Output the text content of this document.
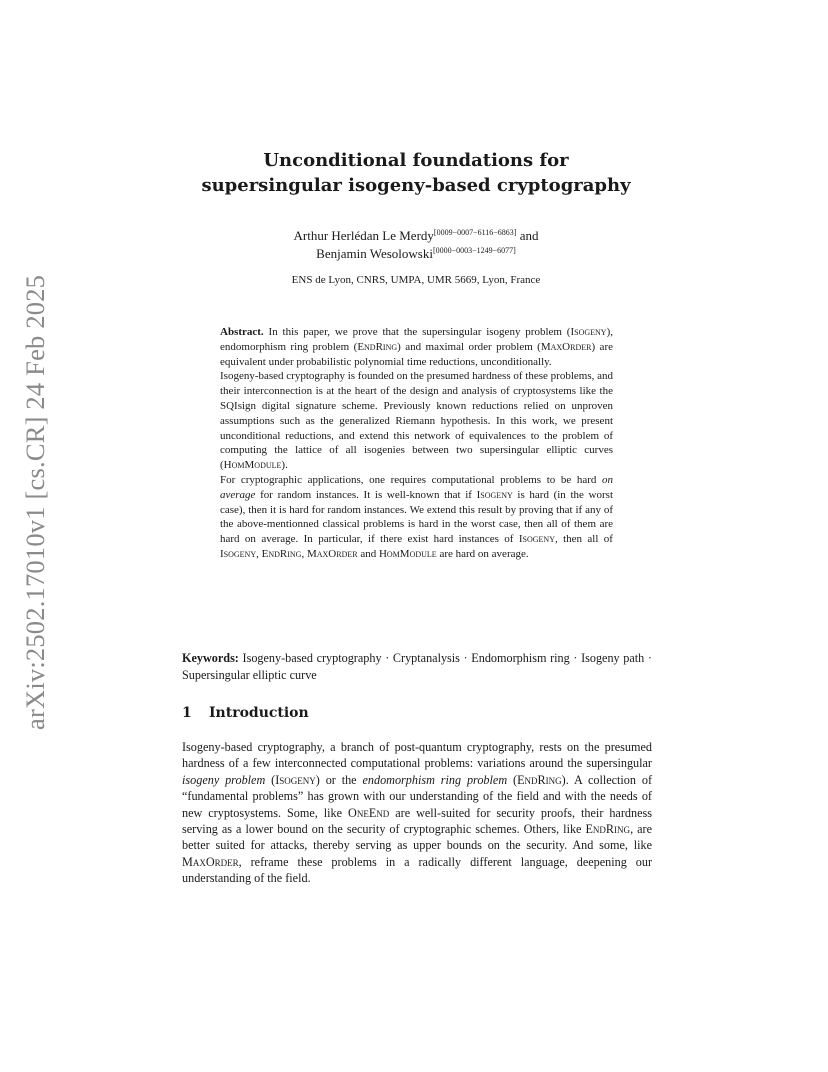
arXiv:2502.17010v1 [cs.CR] 24 Feb 2025
Unconditional foundations for
supersingular isogeny-based cryptography
Arthur Herlédan Le Merdy[0009−0007−6116−6863] and
Benjamin Wesolowski[0000−0003−1249−6077]
ENS de Lyon, CNRS, UMPA, UMR 5669, Lyon, France
Abstract. In this paper, we prove that the supersingular isogeny problem (Isogeny), endomorphism ring problem (EndRing) and maximal order problem (MaxOrder) are equivalent under probabilistic polynomial time reductions, unconditionally.
Isogeny-based cryptography is founded on the presumed hardness of these problems, and their interconnection is at the heart of the design and analysis of cryptosystems like the SQIsign digital signature scheme. Previously known reductions relied on unproven assumptions such as the generalized Riemann hypothesis. In this work, we present unconditional reductions, and extend this network of equivalences to the problem of computing the lattice of all isogenies between two supersingular elliptic curves (HomModule).
For cryptographic applications, one requires computational problems to be hard on average for random instances. It is well-known that if Isogeny is hard (in the worst case), then it is hard for random instances. We extend this result by proving that if any of the above-mentionned classical problems is hard in the worst case, then all of them are hard on average. In particular, if there exist hard instances of Isogeny, then all of Isogeny, EndRing, MaxOrder and HomModule are hard on average.
Keywords: Isogeny-based cryptography · Cryptanalysis · Endomorphism ring · Isogeny path · Supersingular elliptic curve
1 Introduction
Isogeny-based cryptography, a branch of post-quantum cryptography, rests on the presumed hardness of a few interconnected computational problems: variations around the supersingular isogeny problem (Isogeny) or the endomorphism ring problem (EndRing). A collection of “fundamental problems” has grown with our understanding of the field and with the needs of new cryptosystems. Some, like OneEnd are well-suited for security proofs, their hardness serving as a lower bound on the security of cryptographic schemes. Others, like EndRing, are better suited for attacks, thereby serving as upper bounds on the security. And some, like MaxOrder, reframe these problems in a radically different language, deepening our understanding of the field.
